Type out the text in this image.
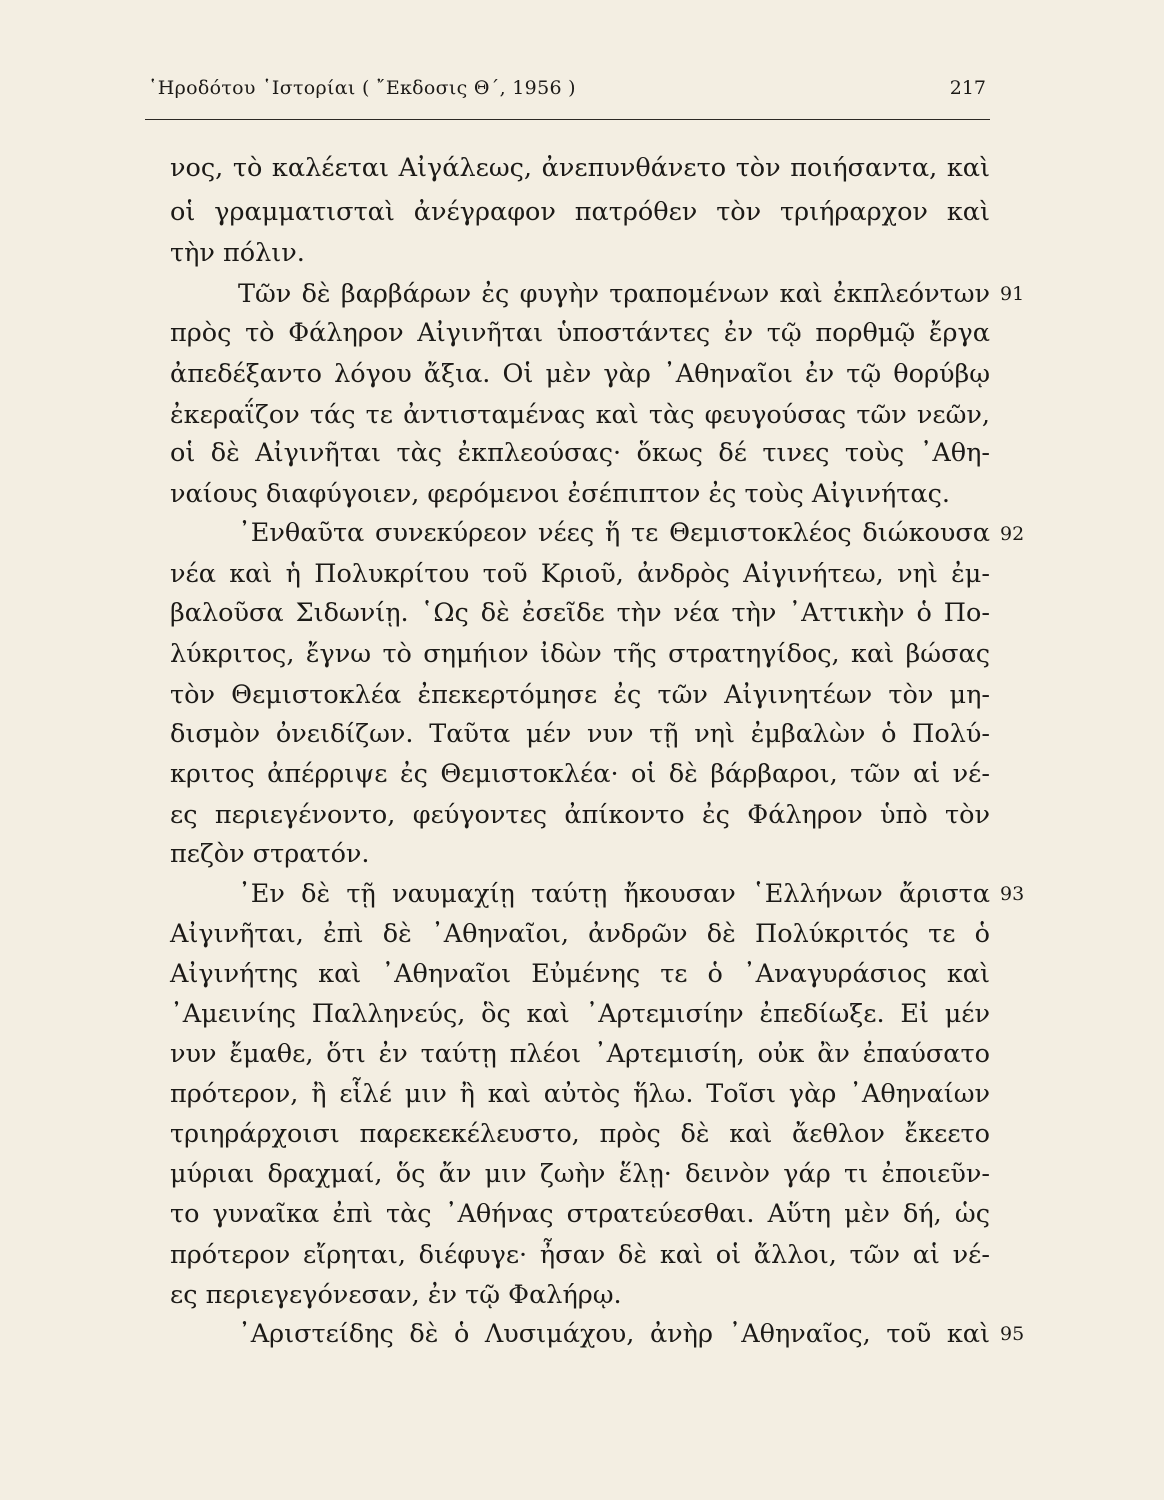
῾Ηροδότου ῾Ιστορίαι ( ῎Εκδοσις Θ΄, 1956 )	217
νος, τὸ καλέεται Αἰγάλεως, ἀνεπυνθάνετο τὸν ποιήσαντα, καὶ
οἱ γραμματισταὶ ἀνέγραφον πατρόθεν τὸν τριήραρχον καὶ
τὴν πόλιν.
Τῶν δὲ βαρβάρων ἐς φυγὴν τραπομένων καὶ ἐκπλεόντων
πρὸς τὸ Φάληρον Αἰγινῆται ὑποστάντες ἐν τῷ πορθμῷ ἔργα
ἀπεδέξαντο λόγου ἄξια. Οἱ μὲν γὰρ ᾿Αθηναῖοι ἐν τῷ θορύβῳ
ἐκεραΐζον τάς τε ἀντισταμένας καὶ τὰς φευγούσας τῶν νεῶν,
οἱ δὲ Αἰγινῆται τὰς ἐκπλεούσας· ὅκως δέ τινες τοὺς ᾿Αθη-
ναίους διαφύγοιεν, φερόμενοι ἐσέπιπτον ἐς τοὺς Αἰγινήτας.
᾿Ενθαῦτα συνεκύρεον νέες ἥ τε Θεμιστοκλέος διώκουσα
νέα καὶ ἡ Πολυκρίτου τοῦ Κριοῦ, ἀνδρὸς Αἰγινήτεω, νηὶ ἐμ-
βαλοῦσα Σιδωνίῃ. ῾Ως δὲ ἐσεῖδε τὴν νέα τὴν ᾿Αττικὴν ὁ Πο-
λύκριτος, ἔγνω τὸ σημήιον ἰδὼν τῆς στρατηγίδος, καὶ βώσας
τὸν Θεμιστοκλέα ἐπεκερτόμησε ἐς τῶν Αἰγινητέων τὸν μη-
δισμὸν ὀνειδίζων. Ταῦτα μέν νυν τῇ νηὶ ἐμβαλὼν ὁ Πολύ-
κριτος ἀπέρριψε ἐς Θεμιστοκλέα· οἱ δὲ βάρβαροι, τῶν αἱ νέ-
ες περιεγένοντο, φεύγοντες ἀπίκοντο ἐς Φάληρον ὑπὸ τὸν
πεζὸν στρατόν.
᾿Εν δὲ τῇ ναυμαχίῃ ταύτῃ ἤκουσαν ῾Ελλήνων ἄριστα
Αἰγινῆται, ἐπὶ δὲ ᾿Αθηναῖοι, ἀνδρῶν δὲ Πολύκριτός τε ὁ
Αἰγινήτης καὶ ᾿Αθηναῖοι Εὐμένης τε ὁ ᾿Αναγυράσιος καὶ
᾿Αμεινίης Παλληνεύς, ὃς καὶ ᾿Αρτεμισίην ἐπεδίωξε. Εἰ μέν
νυν ἔμαθε, ὅτι ἐν ταύτῃ πλέοι ᾿Αρτεμισίη, οὐκ ἂν ἐπαύσατο
πρότερον, ἢ εἷλέ μιν ἢ καὶ αὐτὸς ἥλω. Τοῖσι γὰρ ᾿Αθηναίων
τριηράρχοισι παρεκεκέλευστο, πρὸς δὲ καὶ ἄεθλον ἔκεετο
μύριαι δραχμαί, ὅς ἄν μιν ζωὴν ἕλῃ· δεινὸν γάρ τι ἐποιεῦν-
το γυναῖκα ἐπὶ τὰς ᾿Αθήνας στρατεύεσθαι. Αὕτη μὲν δή, ὡς
πρότερον εἴρηται, διέφυγε· ἦσαν δὲ καὶ οἱ ἄλλοι, τῶν αἱ νέ-
ες περιεγεγόνεσαν, ἐν τῷ Φαλήρῳ.
᾿Αριστείδης δὲ ὁ Λυσιμάχου, ἀνὴρ ᾿Αθηναῖος, τοῦ καὶ
91
92
93
95
